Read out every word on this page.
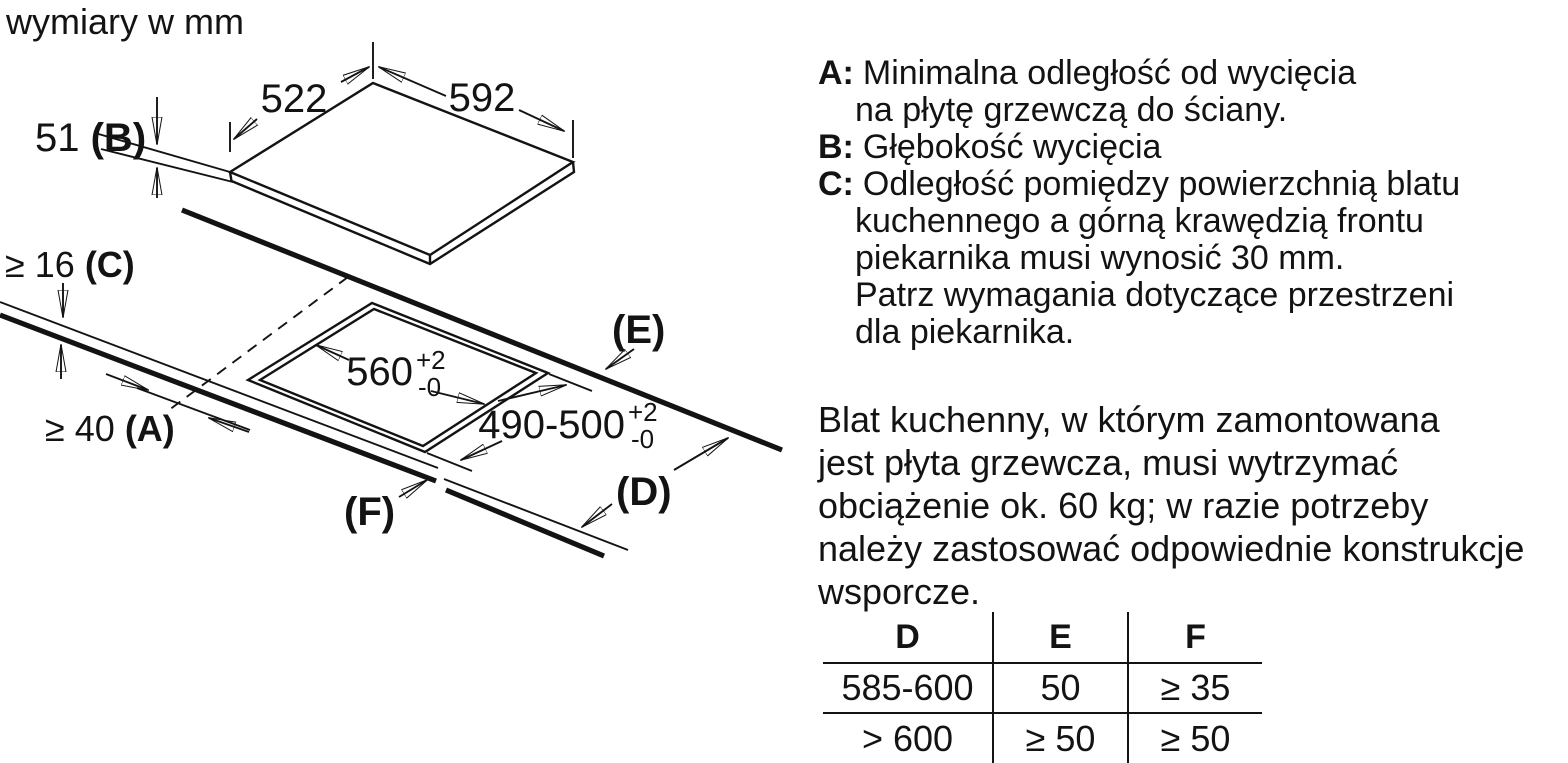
wymiary w mm
522	592
51 (B)
≥ 16 (C)
≥ 40 (A)
560 +2
-0
490-500 +2
-0
(E)
(D)
(F)
A: Minimalna odległość od wycięcia
na płytę grzewczą do ściany.
B: Głębokość wycięcia
C: Odległość pomiędzy powierzchnią blatu
kuchennego a górną krawędzią frontu
piekarnika musi wynosić 30 mm.
Patrz wymagania dotyczące przestrzeni
dla piekarnika.
Blat kuchenny, w którym zamontowana
jest płyta grzewcza, musi wytrzymać
obciążenie ok. 60 kg; w razie potrzeby
należy zastosować odpowiednie konstrukcje
wsporcze.
D	E	F
585-600	50	≥ 35
> 600	≥ 50	≥ 50
